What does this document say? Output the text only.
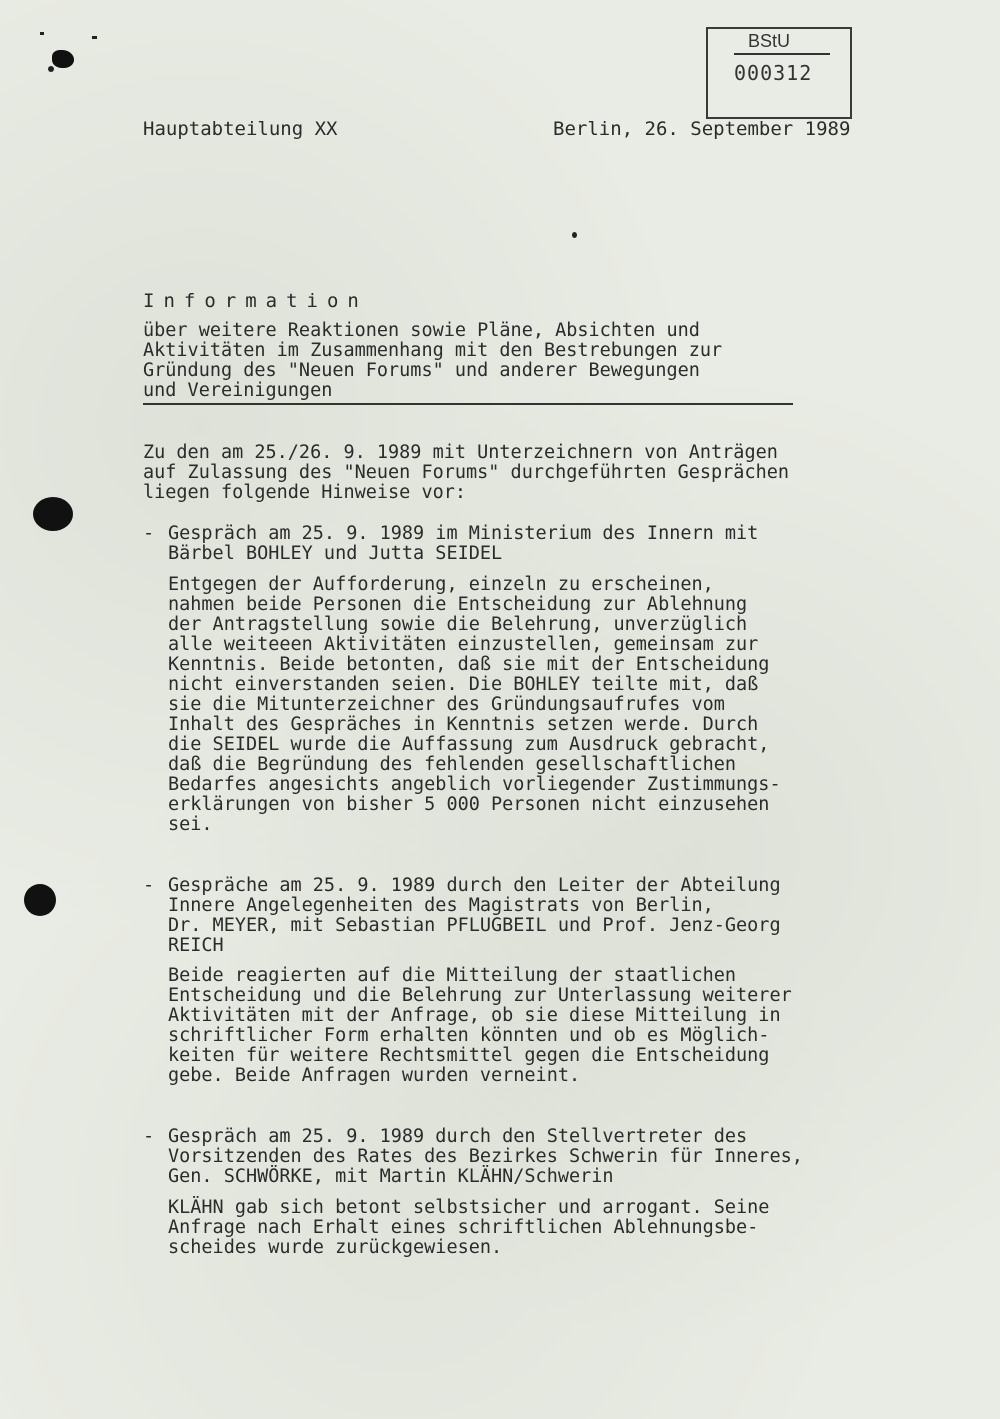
BStU
000312
Hauptabteilung XX	Berlin, 26. September 1989
Information
über weitere Reaktionen sowie Pläne, Absichten und
Aktivitäten im Zusammenhang mit den Bestrebungen zur
Gründung des "Neuen Forums" und anderer Bewegungen
und Vereinigungen
Zu den am 25./26. 9. 1989 mit Unterzeichnern von Anträgen
auf Zulassung des "Neuen Forums" durchgeführten Gesprächen
liegen folgende Hinweise vor:
- Gespräch am 25. 9. 1989 im Ministerium des Innern mit
Bärbel BOHLEY und Jutta SEIDEL
Entgegen der Aufforderung, einzeln zu erscheinen,
nahmen beide Personen die Entscheidung zur Ablehnung
der Antragstellung sowie die Belehrung, unverzüglich
alle weiteeen Aktivitäten einzustellen, gemeinsam zur
Kenntnis. Beide betonten, daß sie mit der Entscheidung
nicht einverstanden seien. Die BOHLEY teilte mit, daß
sie die Mitunterzeichner des Gründungsaufrufes vom
Inhalt des Gespräches in Kenntnis setzen werde. Durch
die SEIDEL wurde die Auffassung zum Ausdruck gebracht,
daß die Begründung des fehlenden gesellschaftlichen
Bedarfes angesichts angeblich vorliegender Zustimmungs-
erklärungen von bisher 5 000 Personen nicht einzusehen
sei.
- Gespräche am 25. 9. 1989 durch den Leiter der Abteilung
Innere Angelegenheiten des Magistrats von Berlin,
Dr. MEYER, mit Sebastian PFLUGBEIL und Prof. Jenz-Georg
REICH
Beide reagierten auf die Mitteilung der staatlichen
Entscheidung und die Belehrung zur Unterlassung weiterer
Aktivitäten mit der Anfrage, ob sie diese Mitteilung in
schriftlicher Form erhalten könnten und ob es Möglich-
keiten für weitere Rechtsmittel gegen die Entscheidung
gebe. Beide Anfragen wurden verneint.
- Gespräch am 25. 9. 1989 durch den Stellvertreter des
Vorsitzenden des Rates des Bezirkes Schwerin für Inneres,
Gen. SCHWÖRKE, mit Martin KLÄHN/Schwerin
KLÄHN gab sich betont selbstsicher und arrogant. Seine
Anfrage nach Erhalt eines schriftlichen Ablehnungsbe-
scheides wurde zurückgewiesen.
